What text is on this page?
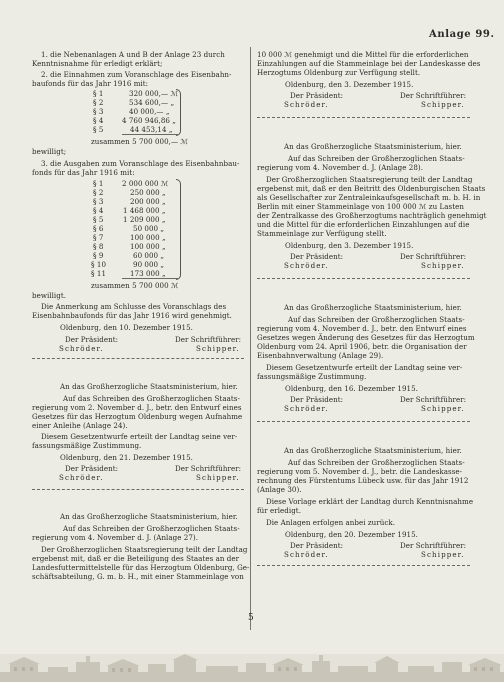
Anlage 99.
1. die Nebenanlagen A und B der Anlage 23 durch
Kenntnisnahme für erledigt erklärt;
2. die Einnahmen zum Voranschlage des Eisenbahn-
baufonds für das Jahr 1916 mit:
§ 1	320 000,— ℳ
§ 2	534 600,— „
§ 3	40 000,— „
§ 4	4 760 946,86 „
§ 5	44 453,14 „
zusammen 5 700 000,— ℳ
bewilligt;
3. die Ausgaben zum Voranschlage des Eisenbahnbau-
fonds für das Jahr 1916 mit:
§ 1	2 000 000 ℳ
§ 2	250 000 „
§ 3	200 000 „
§ 4	1 468 000 „
§ 5	1 209 000 „
§ 6	50 000 „
§ 7	100 000 „
§ 8	100 000 „
§ 9	60 000 „
§ 10	90 000 „
§ 11	173 000 „
zusammen 5 700 000 ℳ
bewilligt.
Die Anmerkung am Schlusse des Voranschlags des
Eisenbahnbaufonds für das Jahr 1916 wird genehmigt.
Oldenburg, den 10. Dezember 1915.
Der Präsident:	Der Schriftführer:
Schröder.	Schipper.
An das Großherzogliche Staatsministerium, hier.
Auf das Schreiben des Großherzoglichen Staats-
regierung vom 2. November d. J., betr. den Entwurf eines
Gesetzes für das Herzogtum Oldenburg wegen Aufnahme
einer Anleihe (Anlage 24).
Diesem Gesetzentwurfe erteilt der Landtag seine ver-
fassungsmäßige Zustimmung.
Oldenburg, den 21. Dezember 1915.
Der Präsident:	Der Schriftführer:
Schröder.	Schipper.
An das Großherzogliche Staatsministerium, hier.
Auf das Schreiben der Großherzoglichen Staats-
regierung vom 4. November d. J. (Anlage 27).
Der Großherzoglichen Staatsregierung teilt der Landtag
ergebenst mit, daß er die Beteiligung des Staates an der
Landesfuttermittelstelle für das Herzogtum Oldenburg, Ge-
schäftsabteilung, G. m. b. H., mit einer Stammeinlage von
10 000 ℳ genehmigt und die Mittel für die erforderlichen
Einzahlungen auf die Stammeinlage bei der Landeskasse des
Herzogtums Oldenburg zur Verfügung stellt.
Oldenburg, den 3. Dezember 1915.
Der Präsident:	Der Schriftführer:
Schröder.	Schipper.
An das Großherzogliche Staatsministerium, hier.
Auf das Schreiben der Großherzoglichen Staats-
regierung vom 4. November d. J. (Anlage 28).
Der Großherzoglichen Staatsregierung teilt der Landtag
ergebenst mit, daß er den Beitritt des Oldenburgischen Staats
als Gesellschafter zur Zentraleinkaufsgesellschaft m. b. H. in
Berlin mit einer Stammeinlage von 100 000 ℳ zu Lasten
der Zentralkasse des Großherzogtums nachträglich genehmigt
und die Mittel für die erforderlichen Einzahlungen auf die
Stammeinlage zur Verfügung stellt.
Oldenburg, den 3. Dezember 1915.
Der Präsident:	Der Schriftführer:
Schröder.	Schipper.
An das Großherzogliche Staatsministerium, hier.
Auf das Schreiben der Großherzoglichen Staats-
regierung vom 4. November d. J., betr. den Entwurf eines
Gesetzes wegen Änderung des Gesetzes für das Herzogtum
Oldenburg vom 24. April 1906, betr. die Organisation der
Eisenbahnverwaltung (Anlage 29).
Diesem Gesetzentwurfe erteilt der Landtag seine ver-
fassungsmäßige Zustimmung.
Oldenburg, den 16. Dezember 1915.
Der Präsident:	Der Schriftführer:
Schröder.	Schipper.
An das Großherzogliche Staatsministerium, hier.
Auf das Schreiben der Großherzoglichen Staats-
regierung vom 5. November d. J., betr. die Landeskasse-
rechnung des Fürstentums Lübeck usw. für das Jahr 1912
(Anlage 30).
Diese Vorlage erklärt der Landtag durch Kenntnisnahme
für erledigt.
Die Anlagen erfolgen anbei zurück.
Oldenburg, den 20. Dezember 1915.
Der Präsident:	Der Schriftführer:
Schröder.	Schipper.
5
